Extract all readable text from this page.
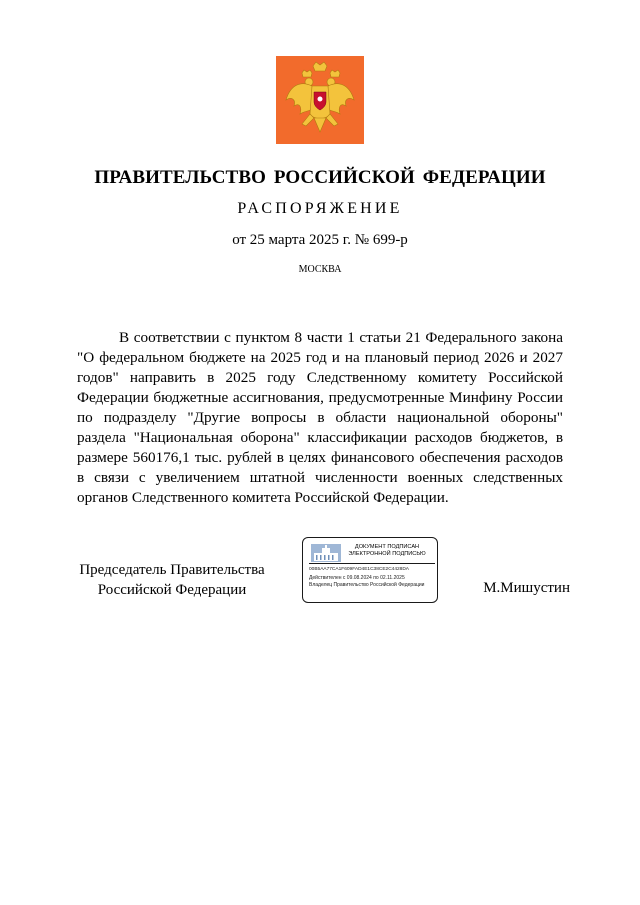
ПРАВИТЕЛЬСТВО РОССИЙСКОЙ ФЕДЕРАЦИИ
РАСПОРЯЖЕНИЕ
от 25 марта 2025 г. № 699-р
МОСКВА

В соответствии с пунктом 8 части 1 статьи 21 Федерального закона "О федеральном бюджете на 2025 год и на плановый период 2026 и 2027 годов" направить в 2025 году Следственному комитету Российской Федерации бюджетные ассигнования, предусмотренные Минфину России по подразделу "Другие вопросы в области национальной обороны" раздела "Национальная оборона" классификации расходов бюджетов, в размере 560176,1 тыс. рублей в целях финансового обеспечения расходов в связи с увеличением штатной численности военных следственных органов Следственного комитета Российской Федерации.

Председатель Правительства
Российской Федерации
ДОКУМЕНТ ПОДПИСАН
ЭЛЕКТРОННОЙ ПОДПИСЬЮ
00B5AA77CA1F609FAD4E1C38CE2C4428DA
Действителен с 09.08.2024 по 02.11.2025
Владелец Правительство Российской Федерации	М.Мишустин
